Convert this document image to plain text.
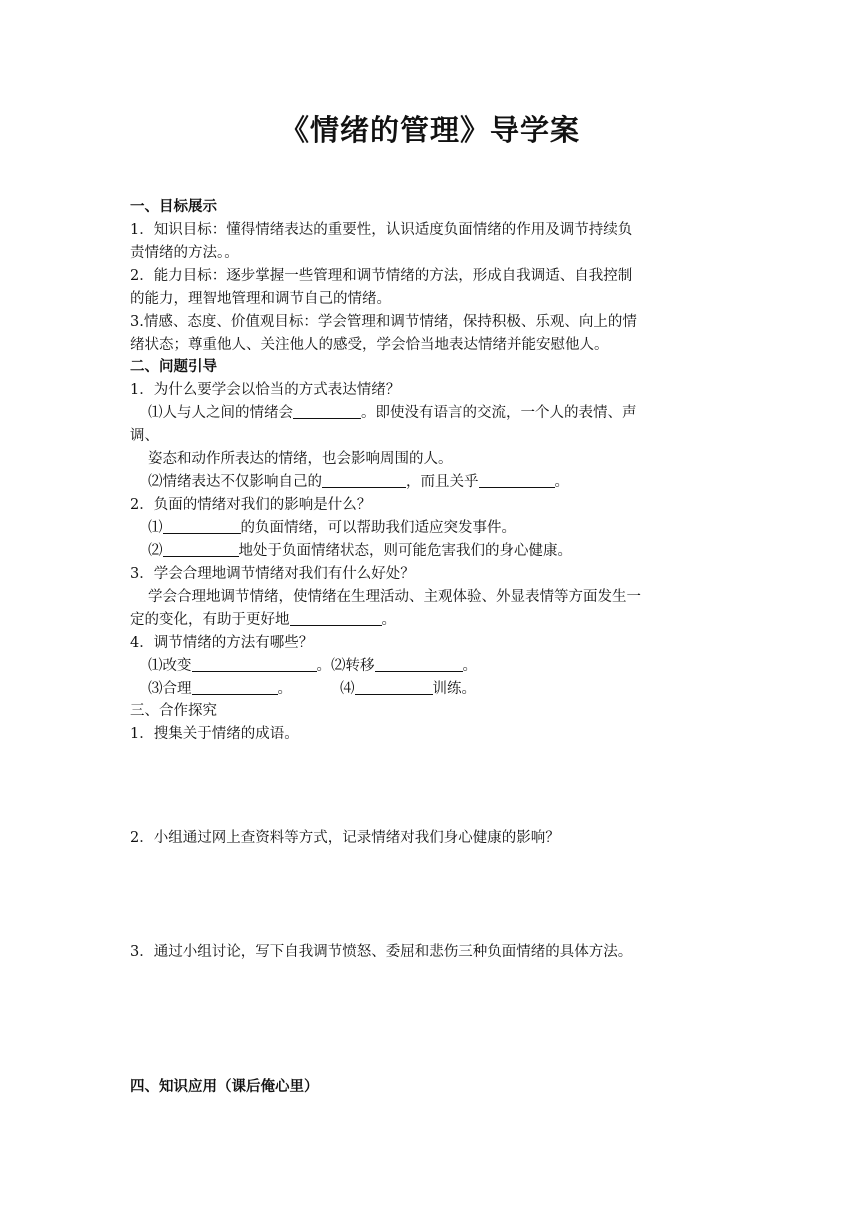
《情绪的管理》导学案
一、目标展示
1．知识目标：懂得情绪表达的重要性，认识适度负面情绪的作用及调节持续负
责情绪的方法。。
2．能力目标：逐步掌握一些管理和调节情绪的方法，形成自我调适、自我控制
的能力，理智地管理和调节自己的情绪。
3.情感、态度、价值观目标：学会管理和调节情绪，保持积极、乐观、向上的情
绪状态；尊重他人、关注他人的感受，学会恰当地表达情绪并能安慰他人。
二、问题引导
1．为什么要学会以恰当的方式表达情绪？
⑴人与人之间的情绪会	。即使没有语言的交流，一个人的表情、声
调、
姿态和动作所表达的情绪，也会影响周围的人。
⑵情绪表达不仅影响自己的	，而且关乎	。
2．负面的情绪对我们的影响是什么？
⑴	的负面情绪，可以帮助我们适应突发事件。
⑵	地处于负面情绪状态，则可能危害我们的身心健康。
3．学会合理地调节情绪对我们有什么好处？
学会合理地调节情绪，使情绪在生理活动、主观体验、外显表情等方面发生一
定的变化，有助于更好地	。
4．调节情绪的方法有哪些？
⑴改变	。⑵转移	。
⑶合理	。	⑷	训练。
三、合作探究
1．搜集关于情绪的成语。
2．小组通过网上查资料等方式，记录情绪对我们身心健康的影响？
3．通过小组讨论，写下自我调节愤怒、委屈和悲伤三种负面情绪的具体方法。
四、知识应用（课后俺心里）
